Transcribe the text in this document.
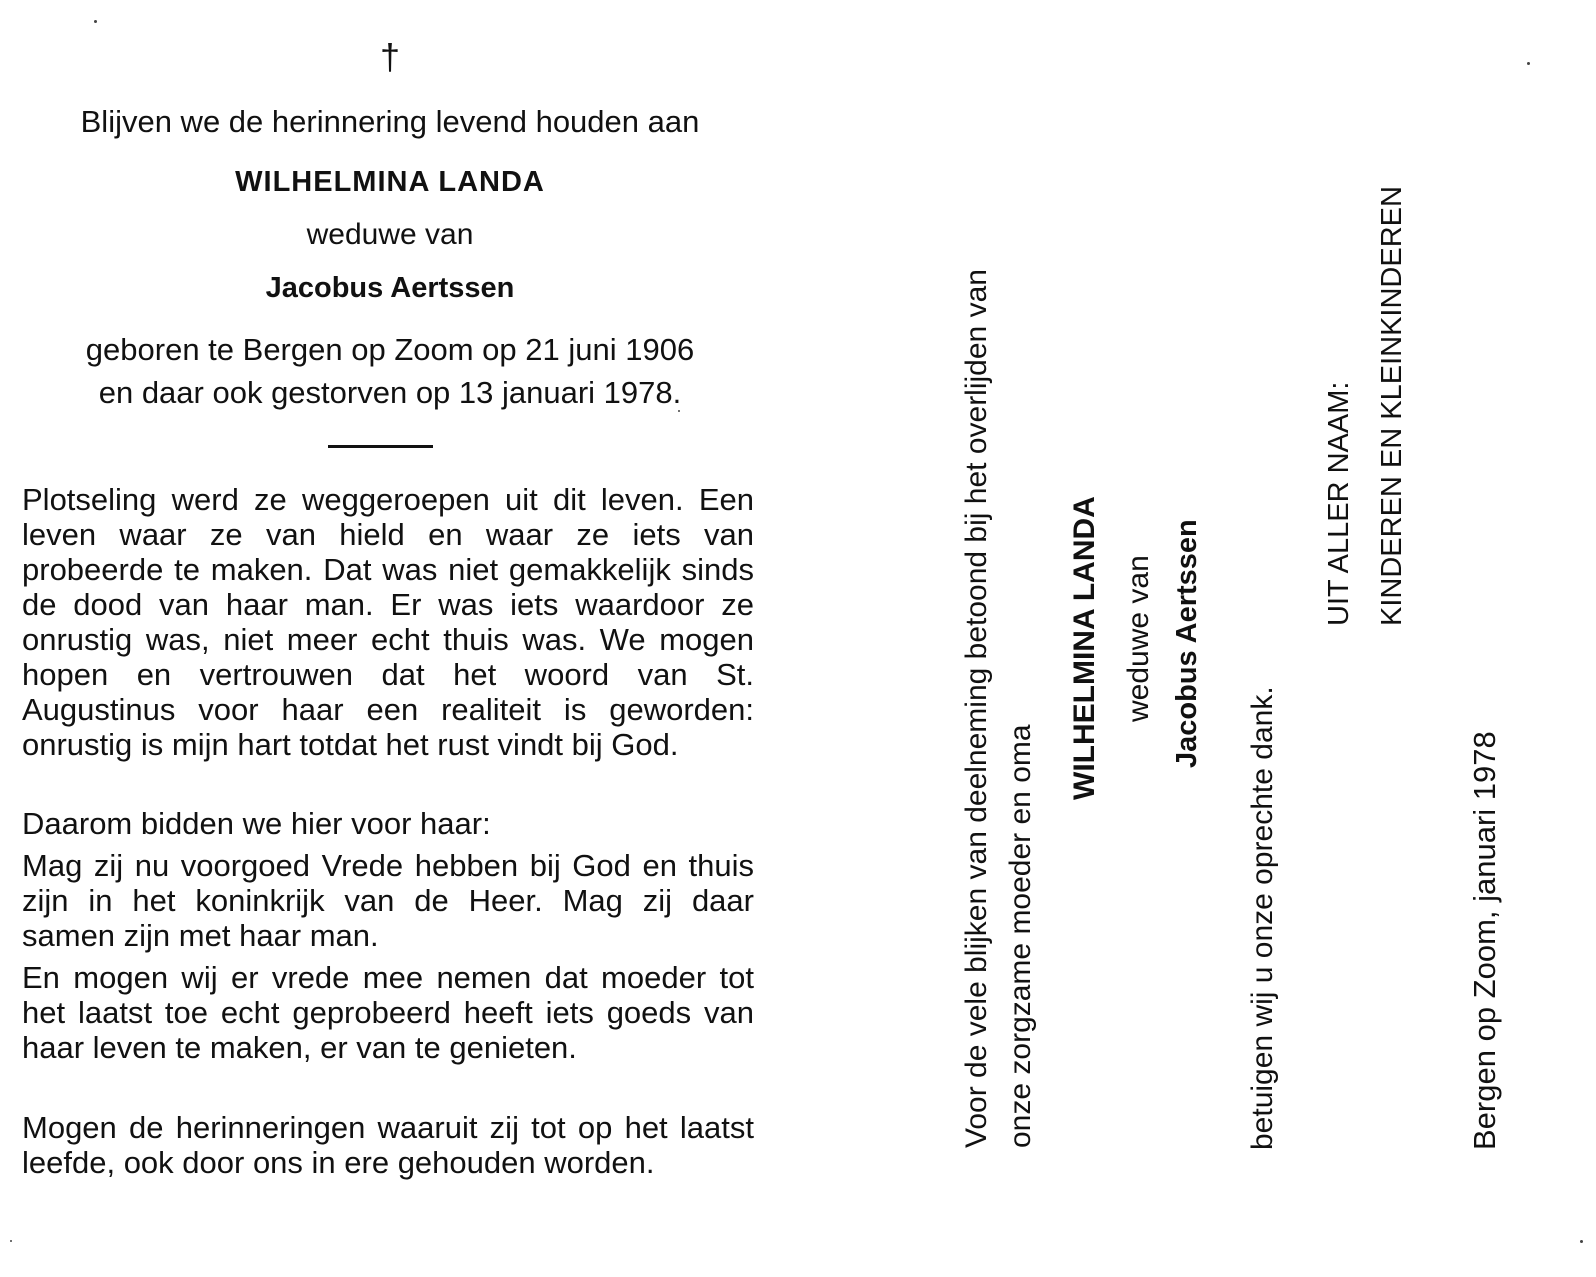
†
Blijven we de herinnering levend houden aan
WILHELMINA LANDA
weduwe van
Jacobus Aertssen
geboren te Bergen op Zoom op 21 juni 1906
en daar ook gestorven op 13 januari 1978.
Plotseling werd ze weggeroepen uit dit leven. Een leven waar ze van hield en waar ze iets van probeerde te maken. Dat was niet gemakkelijk sinds de dood van haar man. Er was iets waardoor ze onrustig was, niet meer echt thuis was. We mogen hopen en vertrouwen dat het woord van St. Augustinus voor haar een realiteit is geworden: onrustig is mijn hart totdat het rust vindt bij God.
Daarom bidden we hier voor haar:
Mag zij nu voorgoed Vrede hebben bij God en thuis zijn in het koninkrijk van de Heer. Mag zij daar samen zijn met haar man.
En mogen wij er vrede mee nemen dat moeder tot het laatst toe echt geprobeerd heeft iets goeds van haar leven te maken, er van te genieten.
Mogen de herinneringen waaruit zij tot op het laatst leefde, ook door ons in ere gehouden worden.
Voor de vele blijken van deelneming betoond bij het overlijden van onze zorgzame moeder en oma
WILHELMINA LANDA weduwe van Jacobus Aertssen
betuigen wij u onze oprechte dank.
UIT ALLER NAAM: KINDEREN EN KLEINKINDEREN
Bergen op Zoom, januari 1978
